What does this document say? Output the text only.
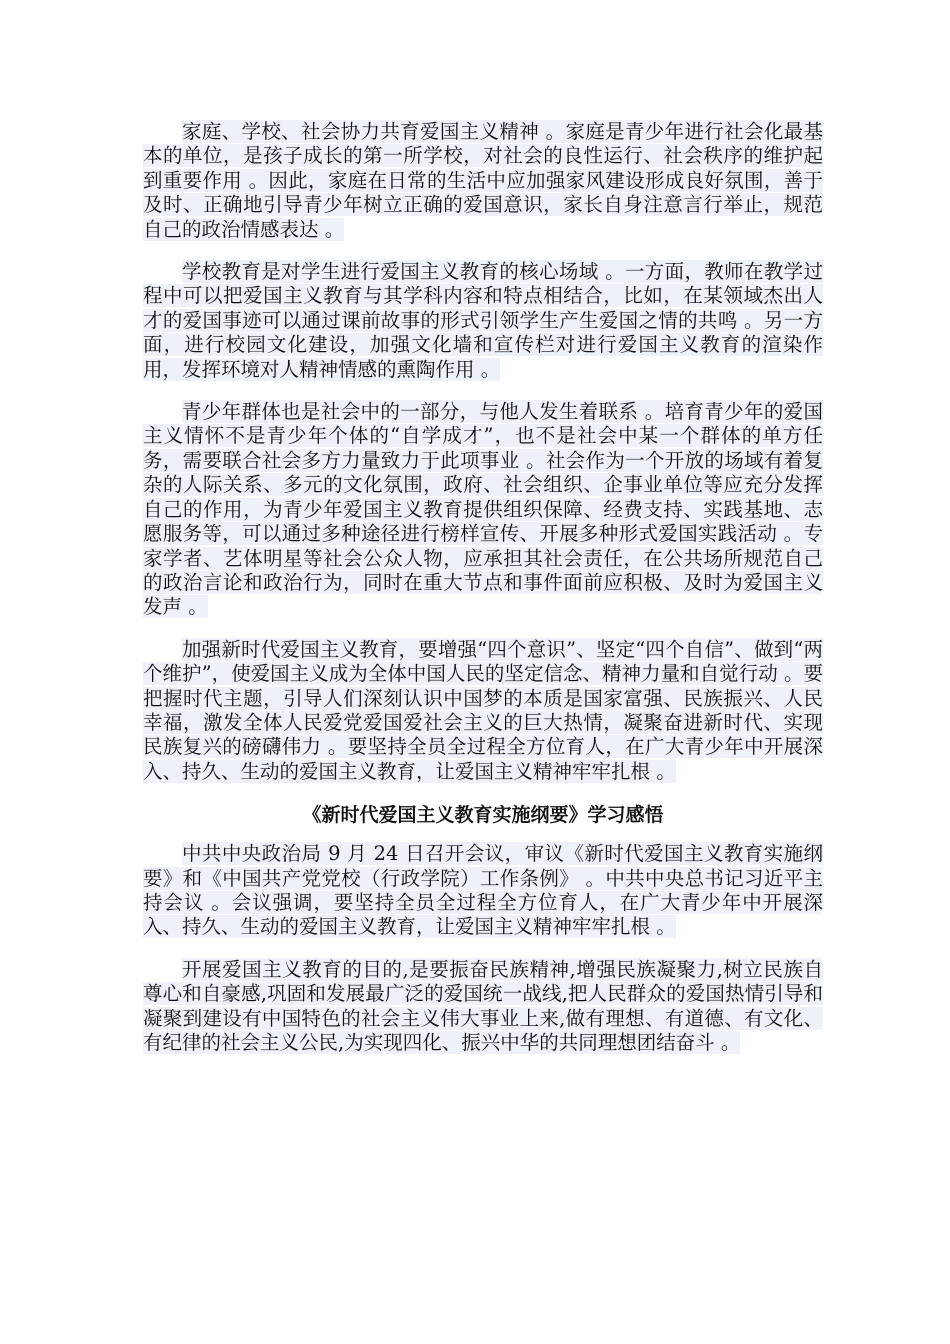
家庭、学校、社会协力共育爱国主义精神 。家庭是青少年进行社会化最基本的单位，是孩子成长的第一所学校，对社会的良性运行、社会秩序的维护起到重要作用 。因此，家庭在日常的生活中应加强家风建设形成良好氛围，善于及时、正确地引导青少年树立正确的爱国意识，家长自身注意言行举止，规范自己的政治情感表达 。

学校教育是对学生进行爱国主义教育的核心场域 。一方面，教师在教学过程中可以把爱国主义教育与其学科内容和特点相结合，比如，在某领域杰出人才的爱国事迹可以通过课前故事的形式引领学生产生爱国之情的共鸣 。另一方面，进行校园文化建设，加强文化墙和宣传栏对进行爱国主义教育的渲染作用，发挥环境对人精神情感的熏陶作用 。

青少年群体也是社会中的一部分，与他人发生着联系 。培育青少年的爱国主义情怀不是青少年个体的“自学成才”，也不是社会中某一个群体的单方任务，需要联合社会多方力量致力于此项事业 。社会作为一个开放的场域有着复杂的人际关系、多元的文化氛围，政府、社会组织、企事业单位等应充分发挥自己的作用，为青少年爱国主义教育提供组织保障、经费支持、实践基地、志愿服务等，可以通过多种途径进行榜样宣传、开展多种形式爱国实践活动 。专家学者、艺体明星等社会公众人物，应承担其社会责任，在公共场所规范自己的政治言论和政治行为，同时在重大节点和事件面前应积极、及时为爱国主义发声 。

加强新时代爱国主义教育，要增强“四个意识”、坚定“四个自信”、做到“两个维护”，使爱国主义成为全体中国人民的坚定信念、精神力量和自觉行动 。要把握时代主题，引导人们深刻认识中国梦的本质是国家富强、民族振兴、人民幸福，激发全体人民爱党爱国爱社会主义的巨大热情，凝聚奋进新时代、实现民族复兴的磅礴伟力 。要坚持全员全过程全方位育人，在广大青少年中开展深入、持久、生动的爱国主义教育，让爱国主义精神牢牢扎根 。

《新时代爱国主义教育实施纲要》学习感悟

中共中央政治局 9 月 24 日召开会议，审议《新时代爱国主义教育实施纲要》和《中国共产党党校（行政学院）工作条例》 。中共中央总书记习近平主持会议 。会议强调，要坚持全员全过程全方位育人，在广大青少年中开展深入、持久、生动的爱国主义教育，让爱国主义精神牢牢扎根 。

开展爱国主义教育的目的,是要振奋民族精神,增强民族凝聚力,树立民族自尊心和自豪感,巩固和发展最广泛的爱国统一战线,把人民群众的爱国热情引导和凝聚到建设有中国特色的社会主义伟大事业上来,做有理想、有道德、有文化、有纪律的社会主义公民,为实现四化、振兴中华的共同理想团结奋斗 。
